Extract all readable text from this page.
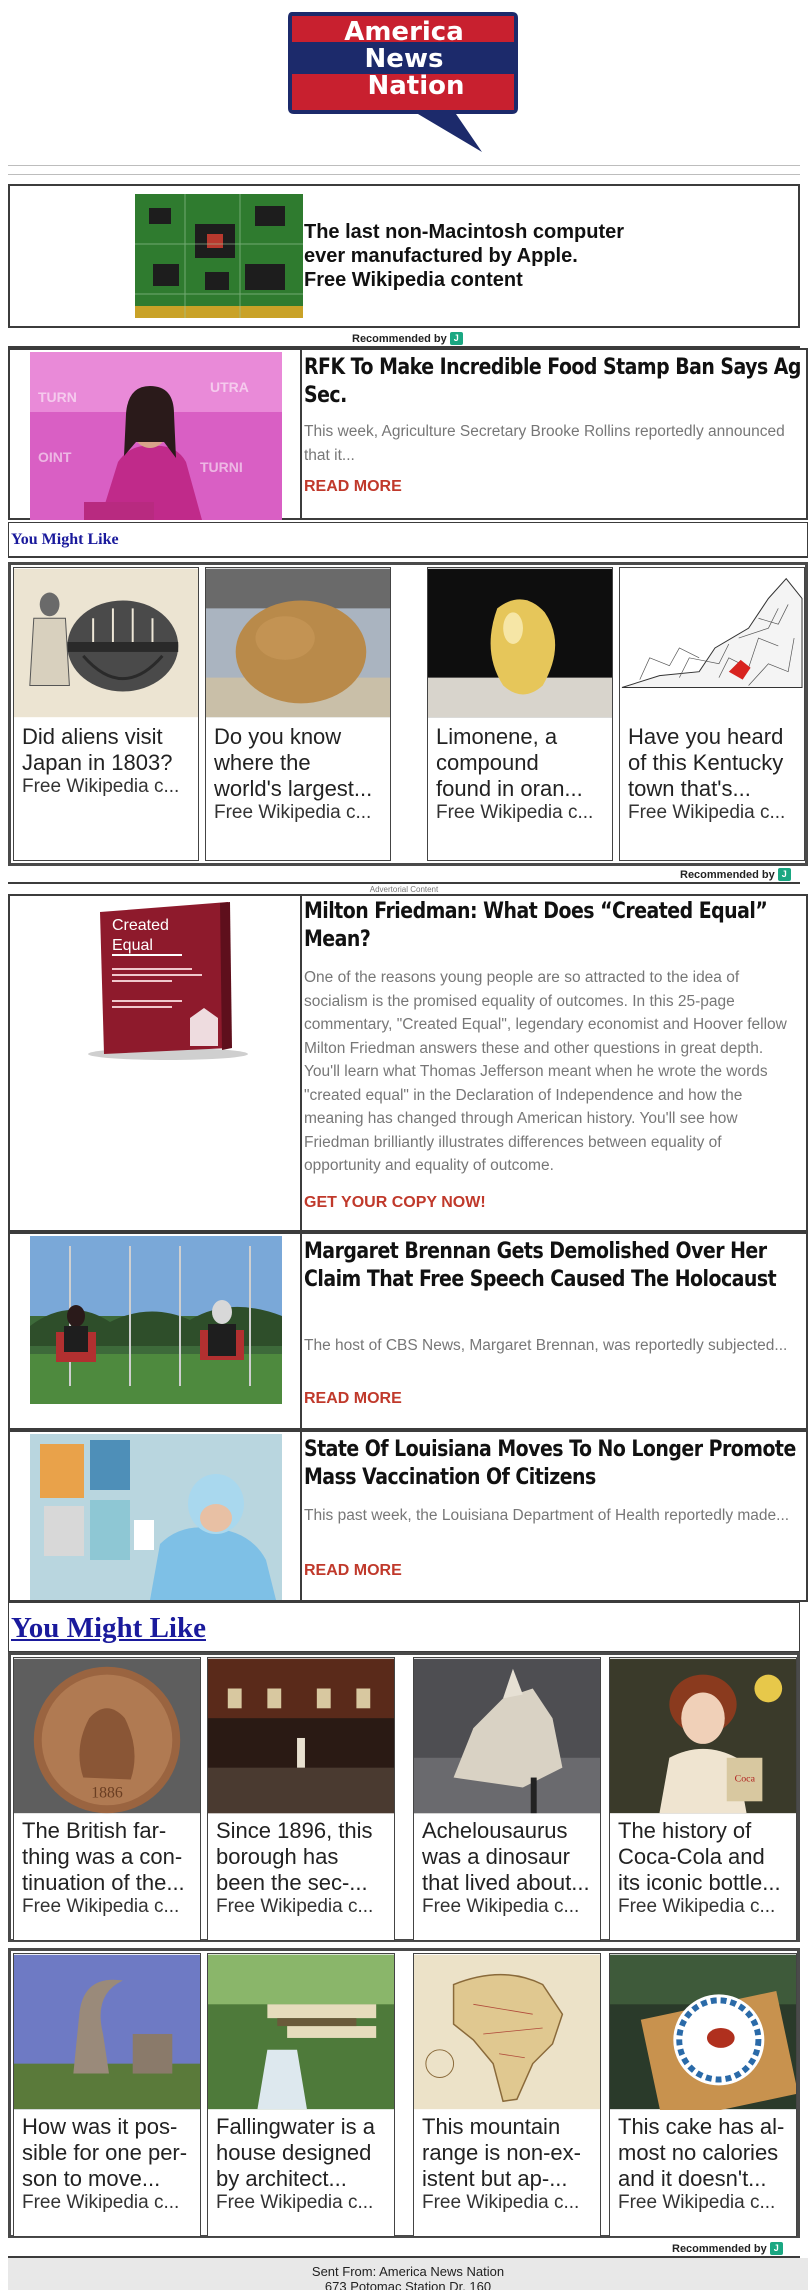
America
News
Nation
The last non-Macintosh computer
ever manufactured by Apple.
Free Wikipedia content
Recommended by J
TURN
UTRA
TURNI
OINT
RFK To Make Incredible Food Stamp Ban Says Ag Sec.
This week, Agriculture Secretary Brooke Rollins reportedly announced that it...
READ MORE
You Might Like
Did aliens visit
Japan in 1803?
Free Wikipedia c...
Do you know
where the
world's largest...
Free Wikipedia c...
Limonene, a
compound
found in oran...
Free Wikipedia c...
Have you heard
of this Kentucky
town that's...
Free Wikipedia c...
Recommended by J
Advertorial Content
Created
Equal
Milton Friedman: What Does “Created Equal” Mean?
One of the reasons young people are so attracted to the idea of socialism is the promised equality of outcomes. In this 25-page commentary, "Created Equal", legendary economist and Hoover fellow Milton Friedman answers these and other questions in great depth. You'll learn what Thomas Jefferson meant when he wrote the words "created equal" in the Declaration of Independence and how the meaning has changed through American history. You'll see how Friedman brilliantly illustrates differences between equality of opportunity and equality of outcome.
GET YOUR COPY NOW!
Margaret Brennan Gets Demolished Over Her Claim That Free Speech Caused The Holocaust
The host of CBS News, Margaret Brennan, was reportedly subjected...
READ MORE
State Of Louisiana Moves To No Longer Promote Mass Vaccination Of Citizens
This past week, the Louisiana Department of Health reportedly made...
READ MORE
You Might Like
1886
The British far-
thing was a con-
tinuation of the...
Free Wikipedia c...
Since 1896, this
borough has
been the sec-...
Free Wikipedia c...
Achelousaurus
was a dinosaur
that lived about...
Free Wikipedia c...
Coca
The history of
Coca-Cola and
its iconic bottle...
Free Wikipedia c...
How was it pos-
sible for one per-
son to move...
Free Wikipedia c...
Fallingwater is a
house designed
by architect...
Free Wikipedia c...
This mountain
range is non-ex-
istent but ap-...
Free Wikipedia c...
This cake has al-
most no calories
and it doesn't...
Free Wikipedia c...
Recommended by J
Sent From: America News Nation
673 Potomac Station Dr. 160
